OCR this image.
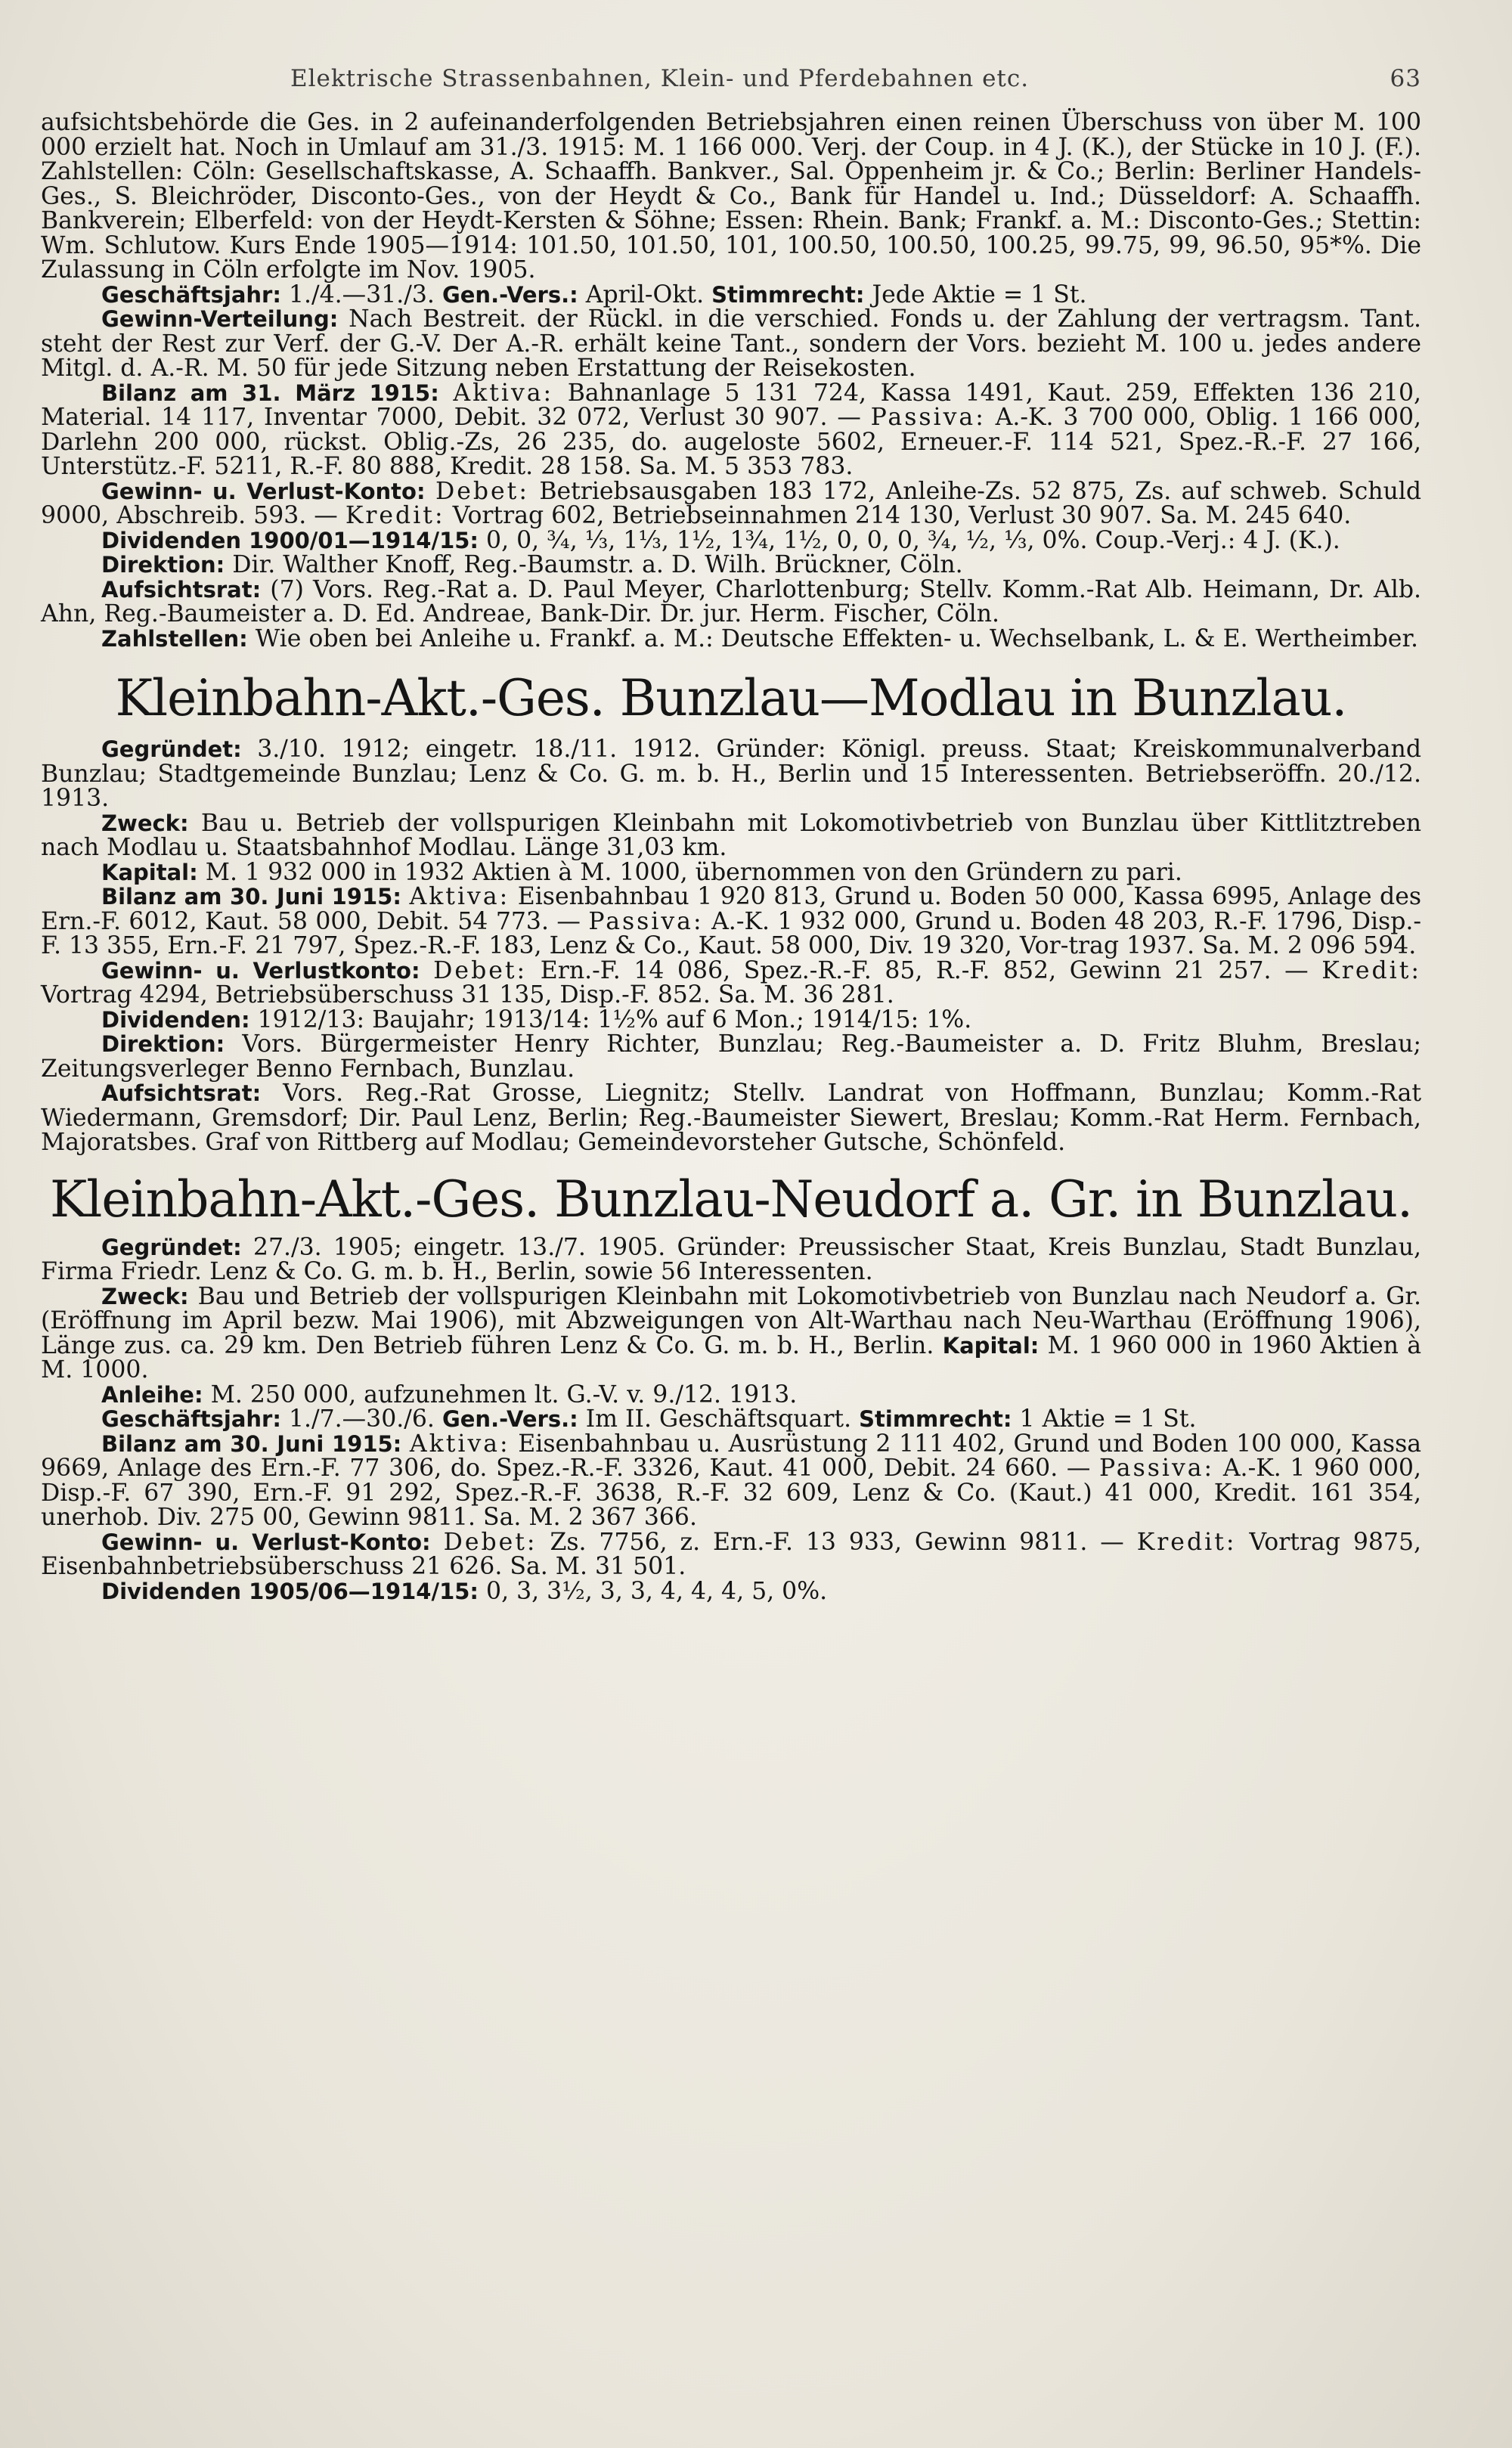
Elektrische Strassenbahnen, Klein- und Pferdebahnen etc.	63

aufsichtsbehörde die Ges. in 2 aufeinanderfolgenden Betriebsjahren einen reinen Überschuss von über M. 100 000 erzielt hat. Noch in Umlauf am 31./3. 1915: M. 1 166 000. Verj. der Coup. in 4 J. (K.), der Stücke in 10 J. (F.). Zahlstellen: Cöln: Gesellschaftskasse, A. Schaaffh. Bankver., Sal. Oppenheim jr. & Co.; Berlin: Berliner Handels-Ges., S. Bleichröder, Disconto-Ges., von der Heydt & Co., Bank für Handel u. Ind.; Düsseldorf: A. Schaaffh. Bankverein; Elberfeld: von der Heydt-Kersten & Söhne; Essen: Rhein. Bank; Frankf. a. M.: Disconto-Ges.; Stettin: Wm. Schlutow. Kurs Ende 1905—1914: 101.50, 101.50, 101, 100.50, 100.50, 100.25, 99.75, 99, 96.50, 95*%. Die Zulassung in Cöln erfolgte im Nov. 1905.

Geschäftsjahr: 1./4.—31./3. Gen.-Vers.: April-Okt. Stimmrecht: Jede Aktie = 1 St.

Gewinn-Verteilung: Nach Bestreit. der Rückl. in die verschied. Fonds u. der Zahlung der vertragsm. Tant. steht der Rest zur Verf. der G.-V. Der A.-R. erhält keine Tant., sondern der Vors. bezieht M. 100 u. jedes andere Mitgl. d. A.-R. M. 50 für jede Sitzung neben Erstattung der Reisekosten.

Bilanz am 31. März 1915: Aktiva: Bahnanlage 5 131 724, Kassa 1491, Kaut. 259, Effekten 136 210, Material. 14 117, Inventar 7000, Debit. 32 072, Verlust 30 907. — Passiva: A.-K. 3 700 000, Oblig. 1 166 000, Darlehn 200 000, rückst. Oblig.-Zs, 26 235, do. augeloste 5602, Erneuer.-F. 114 521, Spez.-R.-F. 27 166, Unterstütz.-F. 5211, R.-F. 80 888, Kredit. 28 158. Sa. M. 5 353 783.

Gewinn- u. Verlust-Konto: Debet: Betriebsausgaben 183 172, Anleihe-Zs. 52 875, Zs. auf schweb. Schuld 9000, Abschreib. 593. — Kredit: Vortrag 602, Betriebseinnahmen 214 130, Verlust 30 907. Sa. M. 245 640.

Dividenden 1900/01—1914/15: 0, 0, ¾, ⅓, 1⅓, 1½, 1¾, 1½, 0, 0, 0, ¾, ½, ⅓, 0%. Coup.-Verj.: 4 J. (K.).

Direktion: Dir. Walther Knoff, Reg.-Baumstr. a. D. Wilh. Brückner, Cöln.

Aufsichtsrat: (7) Vors. Reg.-Rat a. D. Paul Meyer, Charlottenburg; Stellv. Komm.-Rat Alb. Heimann, Dr. Alb. Ahn, Reg.-Baumeister a. D. Ed. Andreae, Bank-Dir. Dr. jur. Herm. Fischer, Cöln.

Zahlstellen: Wie oben bei Anleihe u. Frankf. a. M.: Deutsche Effekten- u. Wechselbank, L. & E. Wertheimber.

Kleinbahn-Akt.-Ges. Bunzlau—Modlau in Bunzlau.

Gegründet: 3./10. 1912; eingetr. 18./11. 1912. Gründer: Königl. preuss. Staat; Kreiskommunalverband Bunzlau; Stadtgemeinde Bunzlau; Lenz & Co. G. m. b. H., Berlin und 15 Interessenten. Betriebseröffn. 20./12. 1913.

Zweck: Bau u. Betrieb der vollspurigen Kleinbahn mit Lokomotivbetrieb von Bunzlau über Kittlitztreben nach Modlau u. Staatsbahnhof Modlau. Länge 31,03 km.

Kapital: M. 1 932 000 in 1932 Aktien à M. 1000, übernommen von den Gründern zu pari.

Bilanz am 30. Juni 1915: Aktiva: Eisenbahnbau 1 920 813, Grund u. Boden 50 000, Kassa 6995, Anlage des Ern.-F. 6012, Kaut. 58 000, Debit. 54 773. — Passiva: A.-K. 1 932 000, Grund u. Boden 48 203, R.-F. 1796, Disp.-F. 13 355, Ern.-F. 21 797, Spez.-R.-F. 183, Lenz & Co., Kaut. 58 000, Div. 19 320, Vor-trag 1937. Sa. M. 2 096 594.

Gewinn- u. Verlustkonto: Debet: Ern.-F. 14 086, Spez.-R.-F. 85, R.-F. 852, Gewinn 21 257. — Kredit: Vortrag 4294, Betriebsüberschuss 31 135, Disp.-F. 852. Sa. M. 36 281.

Dividenden: 1912/13: Baujahr; 1913/14: 1½% auf 6 Mon.; 1914/15: 1%.

Direktion: Vors. Bürgermeister Henry Richter, Bunzlau; Reg.-Baumeister a. D. Fritz Bluhm, Breslau; Zeitungsverleger Benno Fernbach, Bunzlau.

Aufsichtsrat: Vors. Reg.-Rat Grosse, Liegnitz; Stellv. Landrat von Hoffmann, Bunzlau; Komm.-Rat Wiedermann, Gremsdorf; Dir. Paul Lenz, Berlin; Reg.-Baumeister Siewert, Breslau; Komm.-Rat Herm. Fernbach, Majoratsbes. Graf von Rittberg auf Modlau; Gemeindevorsteher Gutsche, Schönfeld.

Kleinbahn-Akt.-Ges. Bunzlau-Neudorf a. Gr. in Bunzlau.

Gegründet: 27./3. 1905; eingetr. 13./7. 1905. Gründer: Preussischer Staat, Kreis Bunzlau, Stadt Bunzlau, Firma Friedr. Lenz & Co. G. m. b. H., Berlin, sowie 56 Interessenten.

Zweck: Bau und Betrieb der vollspurigen Kleinbahn mit Lokomotivbetrieb von Bunzlau nach Neudorf a. Gr. (Eröffnung im April bezw. Mai 1906), mit Abzweigungen von Alt-Warthau nach Neu-Warthau (Eröffnung 1906), Länge zus. ca. 29 km. Den Betrieb führen Lenz & Co. G. m. b. H., Berlin. Kapital: M. 1 960 000 in 1960 Aktien à M. 1000.

Anleihe: M. 250 000, aufzunehmen lt. G.-V. v. 9./12. 1913.

Geschäftsjahr: 1./7.—30./6. Gen.-Vers.: Im II. Geschäftsquart. Stimmrecht: 1 Aktie = 1 St.

Bilanz am 30. Juni 1915: Aktiva: Eisenbahnbau u. Ausrüstung 2 111 402, Grund und Boden 100 000, Kassa 9669, Anlage des Ern.-F. 77 306, do. Spez.-R.-F. 3326, Kaut. 41 000, Debit. 24 660. — Passiva: A.-K. 1 960 000, Disp.-F. 67 390, Ern.-F. 91 292, Spez.-R.-F. 3638, R.-F. 32 609, Lenz & Co. (Kaut.) 41 000, Kredit. 161 354, unerhob. Div. 275 00, Gewinn 9811. Sa. M. 2 367 366.

Gewinn- u. Verlust-Konto: Debet: Zs. 7756, z. Ern.-F. 13 933, Gewinn 9811. — Kredit: Vortrag 9875, Eisenbahnbetriebsüberschuss 21 626. Sa. M. 31 501.

Dividenden 1905/06—1914/15: 0, 3, 3½, 3, 3, 4, 4, 4, 5, 0%.
